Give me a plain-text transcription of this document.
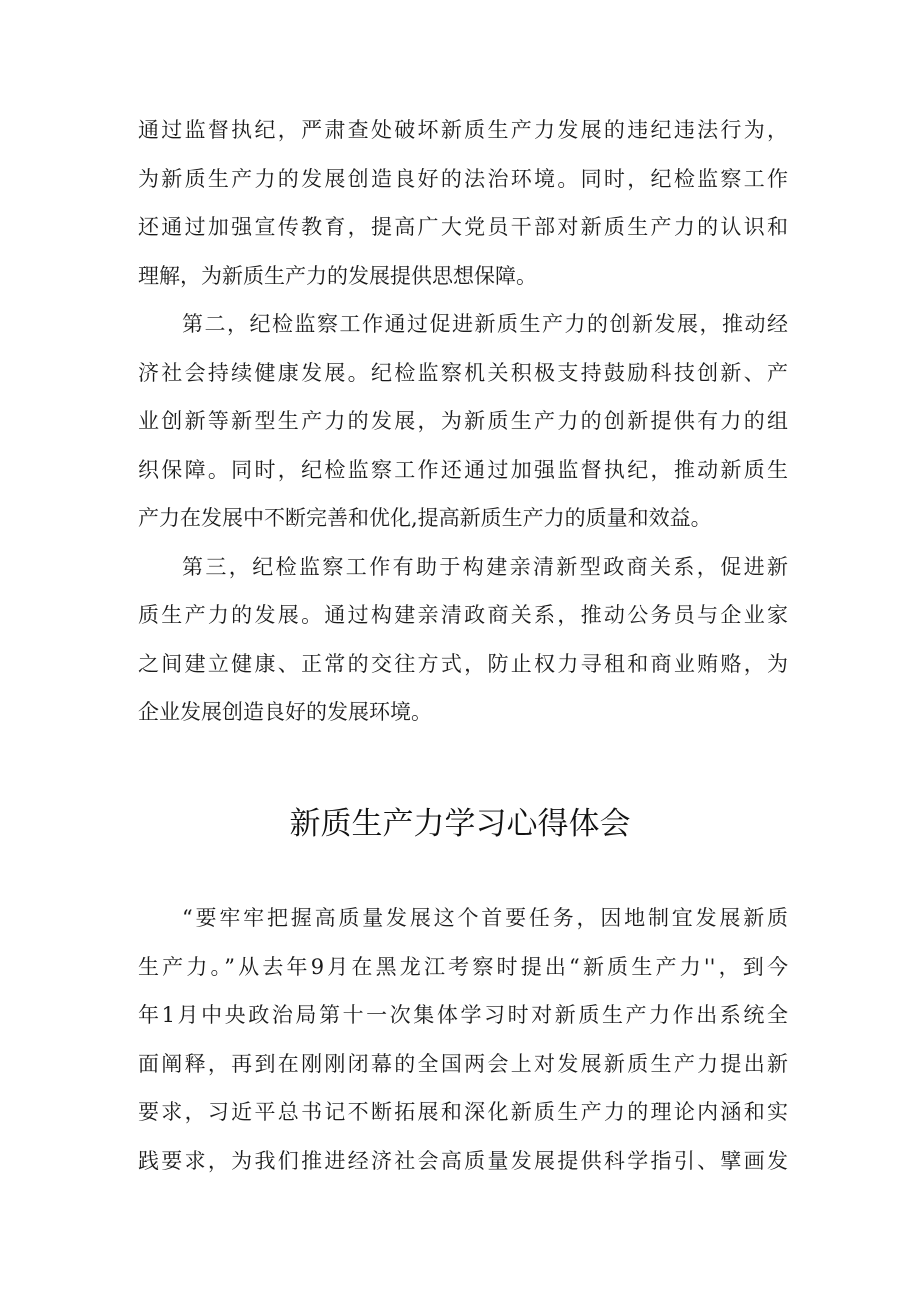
通过监督执纪，严肃查处破坏新质生产力发展的违纪违法行为，
为新质生产力的发展创造良好的法治环境。同时，纪检监察工作
还通过加强宣传教育，提高广大党员干部对新质生产力的认识和
理解，为新质生产力的发展提供思想保障。
第二，纪检监察工作通过促进新质生产力的创新发展，推动经
济社会持续健康发展。纪检监察机关积极支持鼓励科技创新、产
业创新等新型生产力的发展，为新质生产力的创新提供有力的组
织保障。同时，纪检监察工作还通过加强监督执纪，推动新质生
产力在发展中不断完善和优化,提高新质生产力的质量和效益。
第三，纪检监察工作有助于构建亲清新型政商关系，促进新
质生产力的发展。通过构建亲清政商关系，推动公务员与企业家
之间建立健康、正常的交往方式，防止权力寻租和商业贿赂，为
企业发展创造良好的发展环境。
新质生产力学习心得体会
“要牢牢把握高质量发展这个首要任务，因地制宜发展新质
生产力。”从去年9月在黑龙江考察时提出“新质生产力''，到今
年1月中央政治局第十一次集体学习时对新质生产力作出系统全
面阐释，再到在刚刚闭幕的全国两会上对发展新质生产力提出新
要求，习近平总书记不断拓展和深化新质生产力的理论内涵和实
践要求，为我们推进经济社会高质量发展提供科学指引、擘画发
